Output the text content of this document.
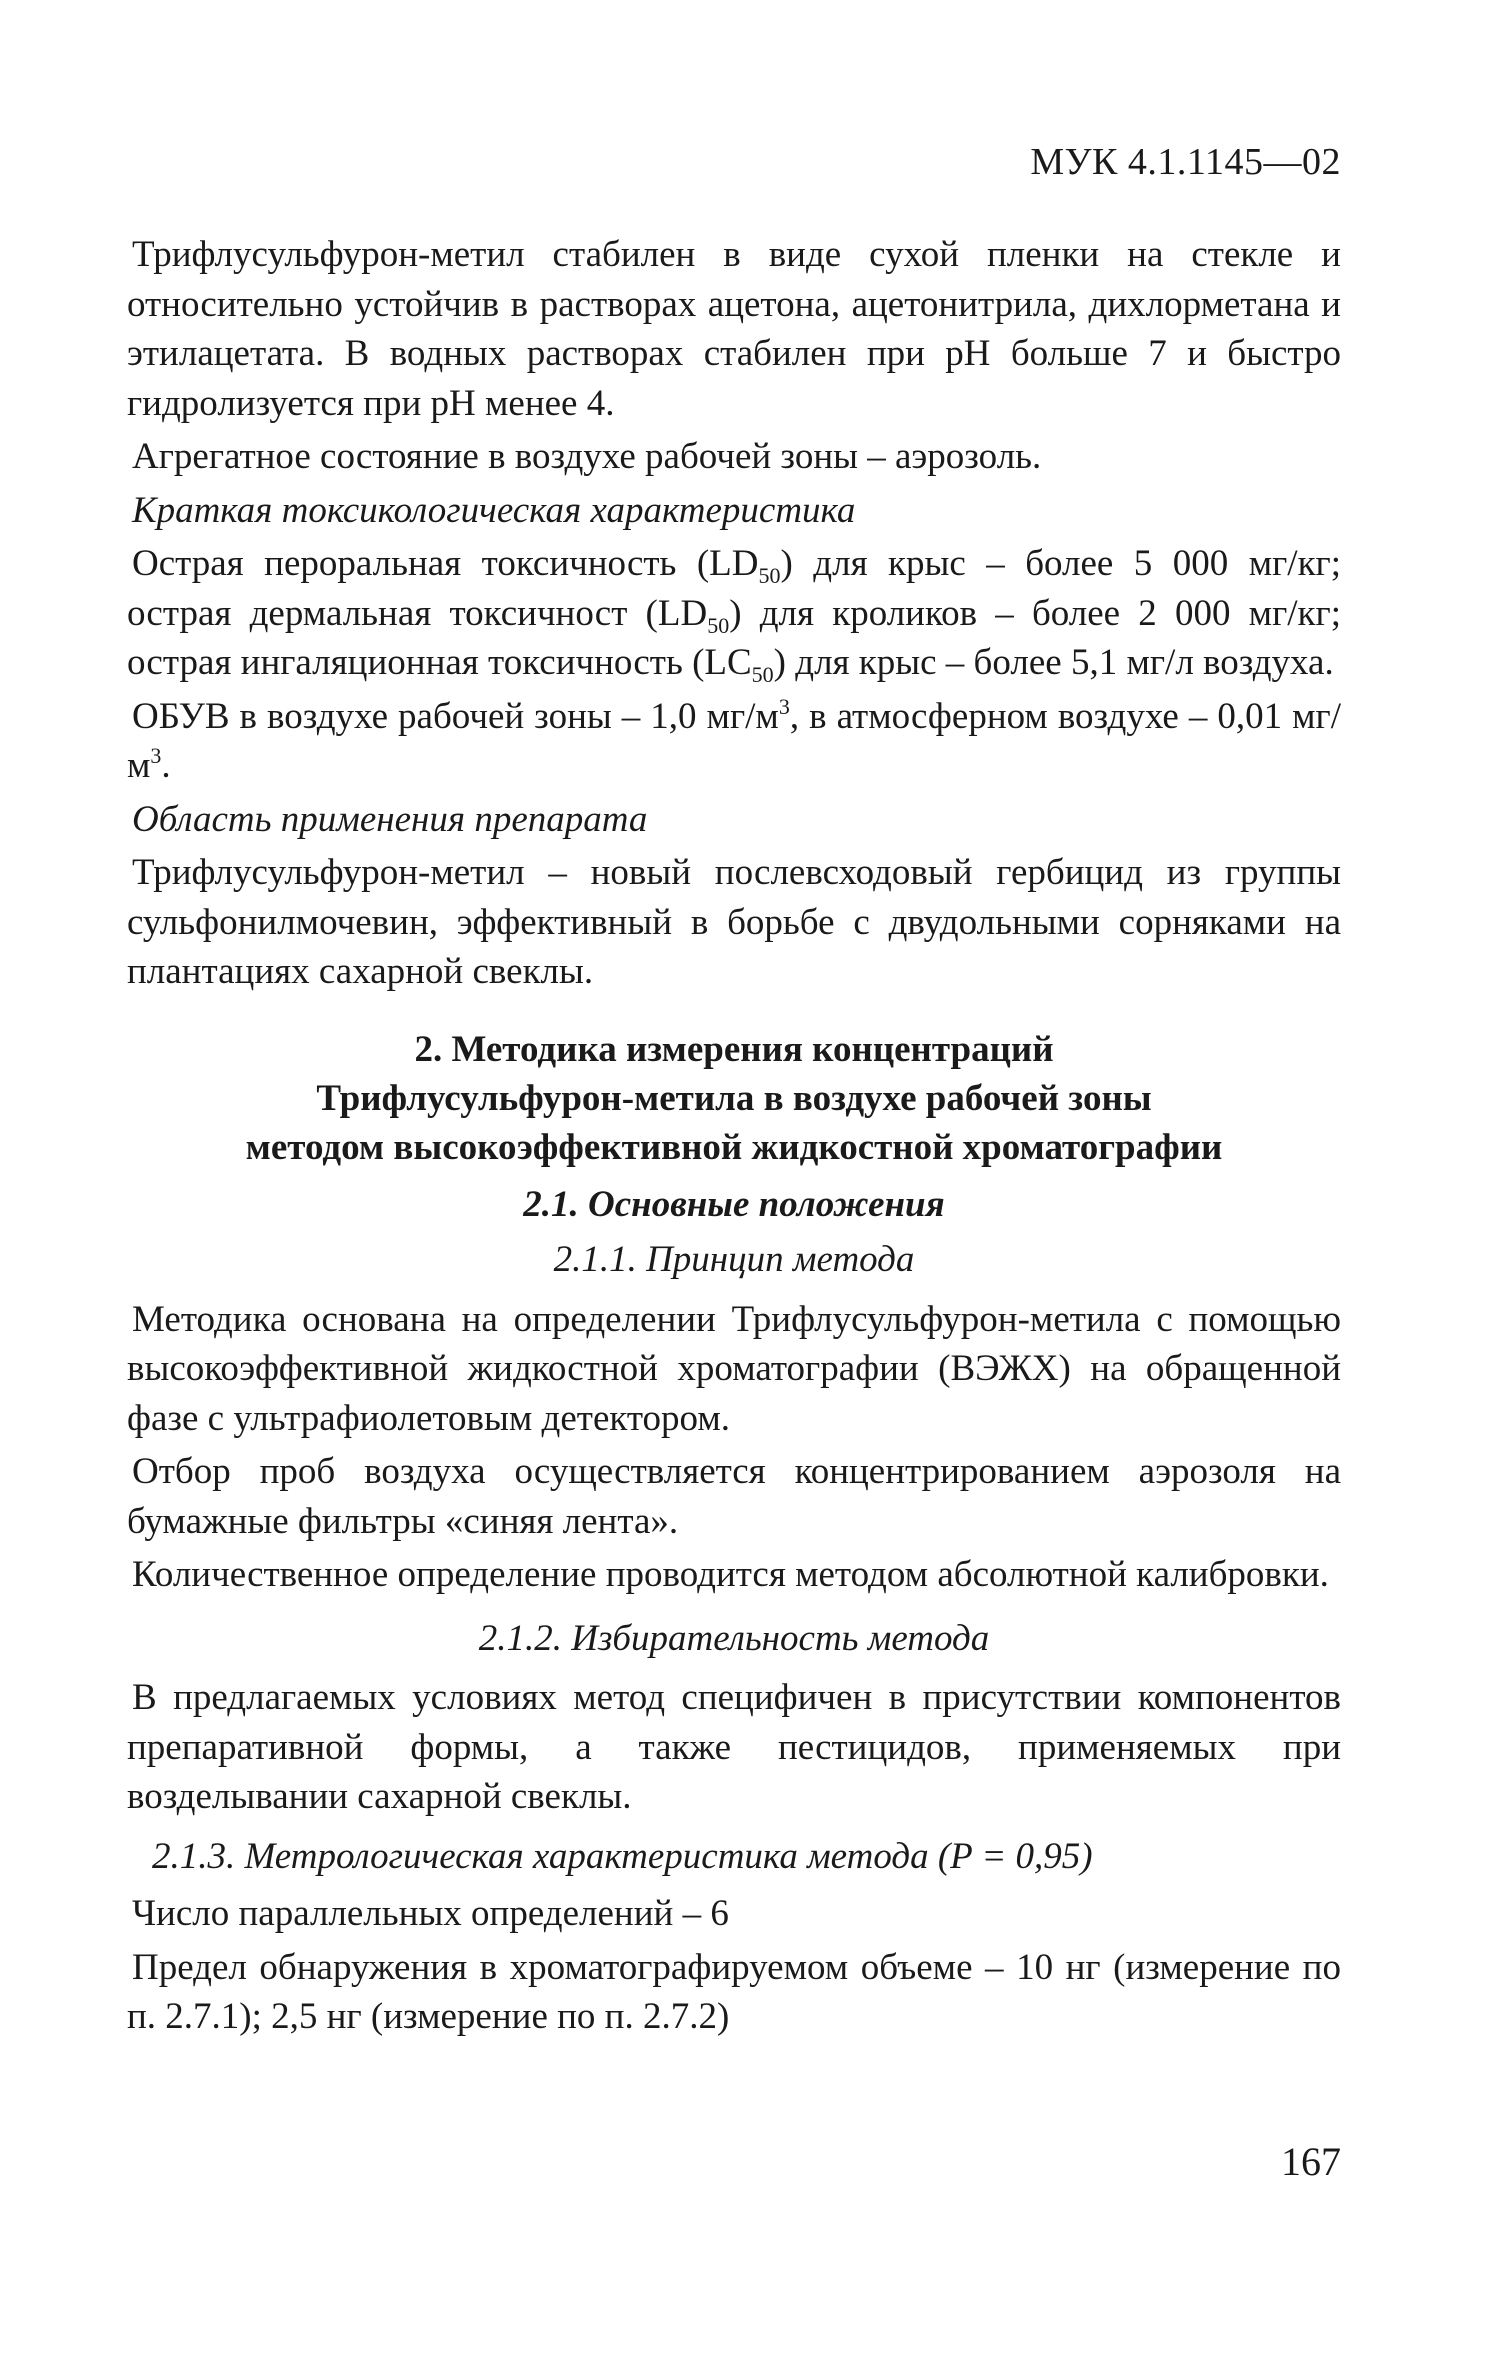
МУК 4.1.1145—02

Трифлусульфурон-метил стабилен в виде сухой пленки на стекле и относительно устойчив в растворах ацетона, ацетонитрила, дихлорметана и этилацетата. В водных растворах стабилен при pH больше 7 и быстро гидролизуется при pH менее 4.

Агрегатное состояние в воздухе рабочей зоны – аэрозоль.

Краткая токсикологическая характеристика

Острая пероральная токсичность $(LD_{50})$ для крыс – более 5 000 мг/кг; острая дермальная токсичност $(LD_{50})$ для кроликов – более 2 000 мг/кг; острая ингаляционная токсичность $(LC_{50})$ для крыс – более 5,1 мг/л воздуха.

ОБУВ в воздухе рабочей зоны – 1,0 $мг/м^3$, в атмосферном воздухе – 0,01 $мг/м^3$.

Область применения препарата

Трифлусульфурон-метил – новый послевсходовый гербицид из группы сульфонилмочевин, эффективный в борьбе с двудольными сорняками на плантациях сахарной свеклы.

2. Методика измерения концентраций
Трифлусульфурон-метила в воздухе рабочей зоны
методом высокоэффективной жидкостной хроматографии
2.1. Основные положения
2.1.1. Принцип метода

Методика основана на определении Трифлусульфурон-метила с помощью высокоэффективной жидкостной хроматографии (ВЭЖХ) на обращенной фазе с ультрафиолетовым детектором.

Отбор проб воздуха осуществляется концентрированием аэрозоля на бумажные фильтры «синяя лента».

Количественное определение проводится методом абсолютной калибровки.

2.1.2. Избирательность метода

В предлагаемых условиях метод специфичен в присутствии компонентов препаративной формы, а также пестицидов, применяемых при возделывании сахарной свеклы.

2.1.3. Метрологическая характеристика метода (P = 0,95)

Число параллельных определений – 6

Предел обнаружения в хроматографируемом объеме – 10 нг (измерение по п. 2.7.1); 2,5 нг (измерение по п. 2.7.2)

167
